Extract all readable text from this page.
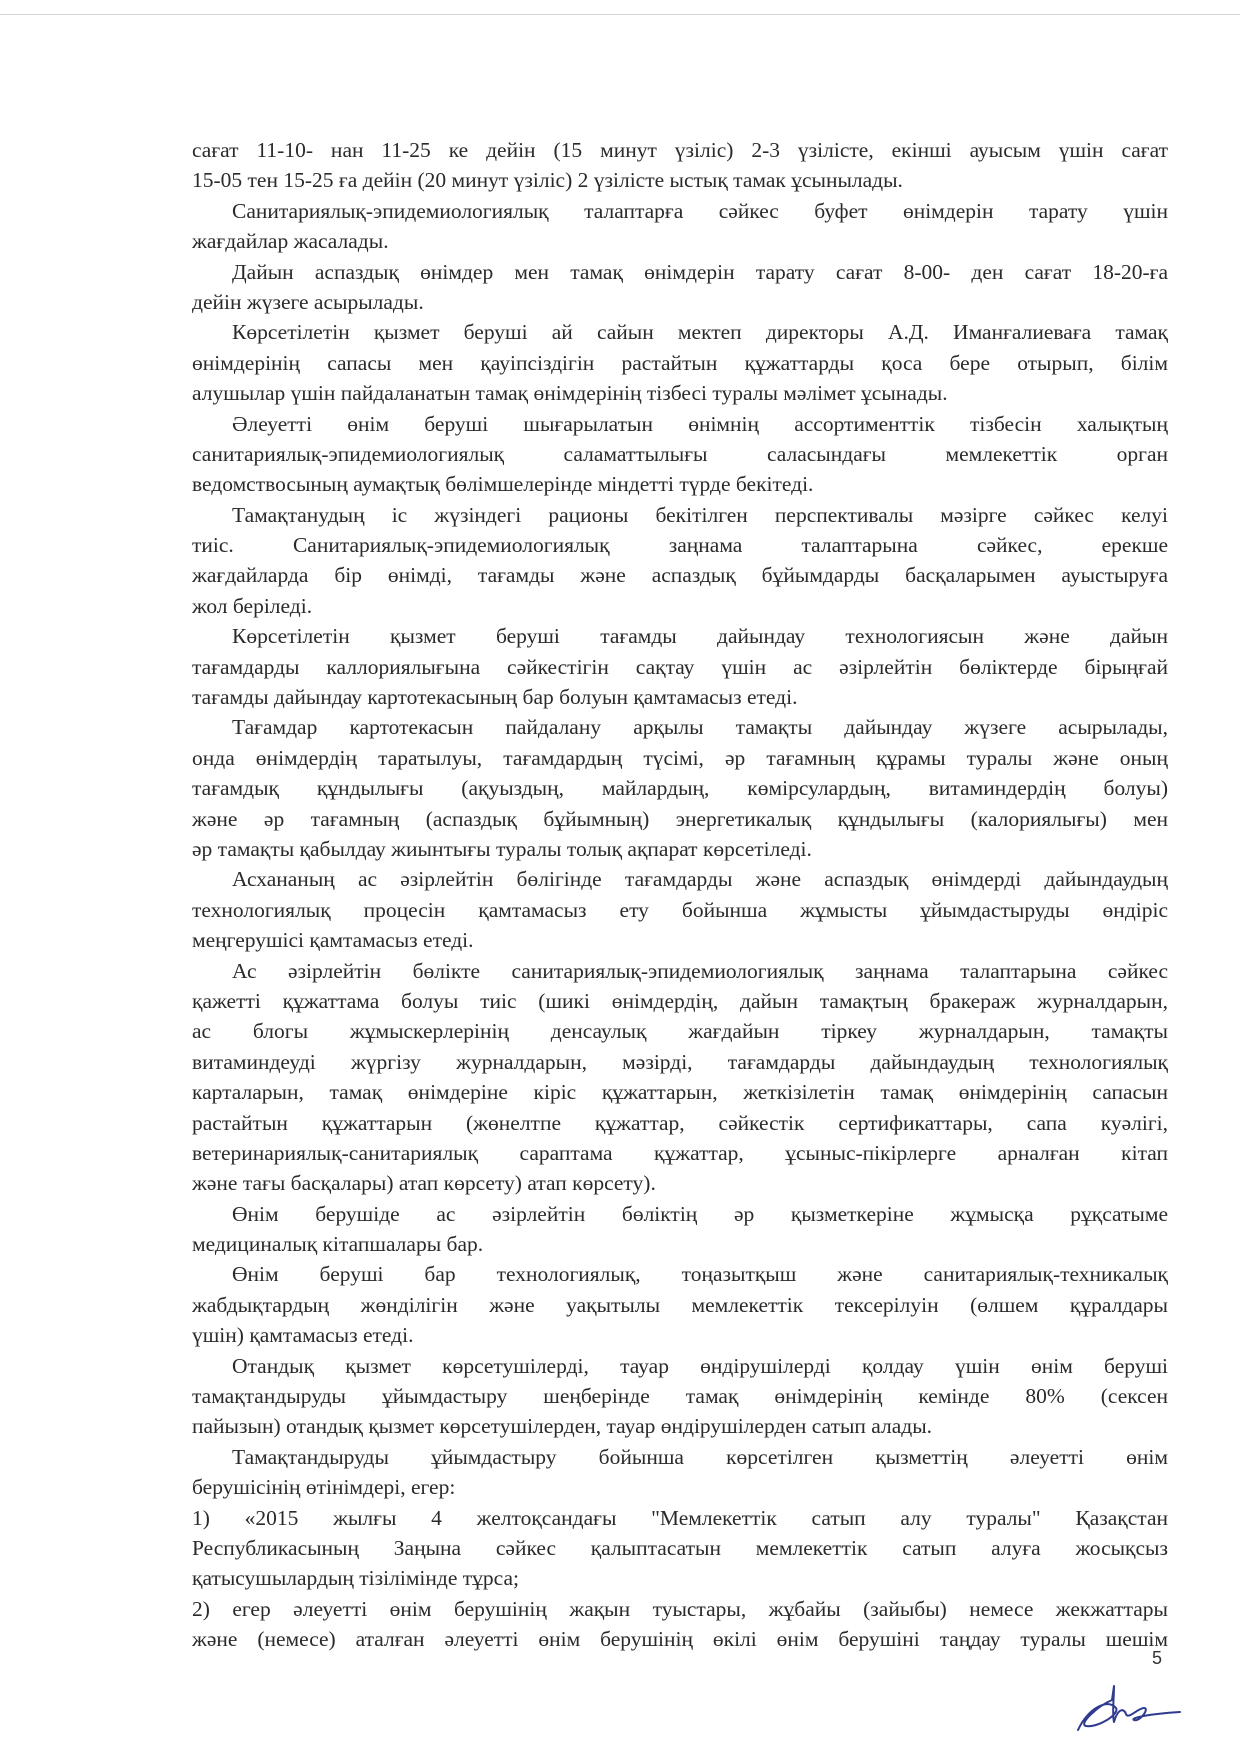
сағат 11-10- нан 11-25 ке дейін (15 минут үзіліс) 2-3 үзілісте, екінші ауысым үшін сағат
15-05 тен 15-25 ға дейін (20 минут үзіліс) 2 үзілісте ыстық тамак ұсынылады.
Санитариялық-эпидемиологиялық талаптарға сәйкес буфет өнімдерін тарату үшін
жағдайлар жасалады.
Дайын аспаздық өнімдер мен тамақ өнімдерін тарату сағат 8-00- ден сағат 18-20-ға
дейін жүзеге асырылады.
Көрсетілетін қызмет беруші ай сайын мектеп директоры А.Д. Иманғалиеваға тамақ
өнімдерінің сапасы мен қауіпсіздігін растайтын құжаттарды қоса бере отырып, білім
алушылар үшін пайдаланатын тамақ өнімдерінің тізбесі туралы мәлімет ұсынады.
Әлеуетті өнім беруші шығарылатын өнімнің ассортименттік тізбесін халықтың
санитариялық-эпидемиологиялық саламаттылығы саласындағы мемлекеттік орган
ведомствосының аумақтық бөлімшелерінде міндетті түрде бекітеді.
Тамақтанудың іс жүзіндегі рационы бекітілген перспективалы мәзірге сәйкес келуі
тиіс. Санитариялық-эпидемиологиялық заңнама талаптарына сәйкес, ерекше
жағдайларда бір өнімді, тағамды және аспаздық бұйымдарды басқаларымен ауыстыруға
жол беріледі.
Көрсетілетін қызмет беруші тағамды дайындау технологиясын және дайын
тағамдарды каллориялығына сәйкестігін сақтау үшін ас әзірлейтін бөліктерде бірыңғай
тағамды дайындау картотекасының бар болуын қамтамасыз етеді.
Тағамдар картотекасын пайдалану арқылы тамақты дайындау жүзеге асырылады,
онда өнімдердің таратылуы, тағамдардың түсімі, әр тағамның құрамы туралы және оның
тағамдық құндылығы (ақуыздың, майлардың, көмірсулардың, витаминдердің болуы)
және әр тағамның (аспаздық бұйымның) энергетикалық құндылығы (калориялығы) мен
әр тамақты қабылдау жиынтығы туралы толық ақпарат көрсетіледі.
Асхананың ас әзірлейтін бөлігінде тағамдарды және аспаздық өнімдерді дайындаудың
технологиялық процесін қамтамасыз ету бойынша жұмысты ұйымдастыруды өндіріс
меңгерушісі қамтамасыз етеді.
Ас әзірлейтін бөлікте санитариялық-эпидемиологиялық заңнама талаптарына сәйкес
қажетті құжаттама болуы тиіс (шикі өнімдердің, дайын тамақтың бракераж журналдарын,
ас блогы жұмыскерлерінің денсаулық жағдайын тіркеу журналдарын, тамақты
витаминдеуді жүргізу журналдарын, мәзірді, тағамдарды дайындаудың технологиялық
карталарын, тамақ өнімдеріне кіріс құжаттарын, жеткізілетін тамақ өнімдерінің сапасын
растайтын құжаттарын (жөнелтпе құжаттар, сәйкестік сертификаттары, сапа куәлігі,
ветеринариялық-санитариялық сараптама құжаттар, ұсыныс-пікірлерге арналған кітап
және тағы басқалары) атап көрсету) атап көрсету).
Өнім берушіде ас әзірлейтін бөліктің әр қызметкеріне жұмысқа рұқсатыме
медициналық кітапшалары бар.
Өнім беруші бар технологиялық, тоңазытқыш және санитариялық-техникалық
жабдықтардың жөнділігін және уақытылы мемлекеттік тексерілуін (өлшем құралдары
үшін) қамтамасыз етеді.
Отандық қызмет көрсетушілерді, тауар өндірушілерді қолдау үшін өнім беруші
тамақтандыруды ұйымдастыру шеңберінде тамақ өнімдерінің кемінде 80% (сексен
пайызын) отандық қызмет көрсетушілерден, тауар өндірушілерден сатып алады.
Тамақтандыруды ұйымдастыру бойынша көрсетілген қызметтің әлеуетті өнім
берушісінің өтінімдері, егер:
1) «2015 жылғы 4 желтоқсандағы "Мемлекеттік сатып алу туралы" Қазақстан
Республикасының Заңына сәйкес қалыптасатын мемлекеттік сатып алуға жосықсыз
қатысушылардың тізілімінде тұрса;
2) егер әлеуетті өнім берушінің жақын туыстары, жұбайы (зайыбы) немесе жекжаттары
және (немесе) аталған әлеуетті өнім берушінің өкілі өнім берушіні таңдау туралы шешім
5
